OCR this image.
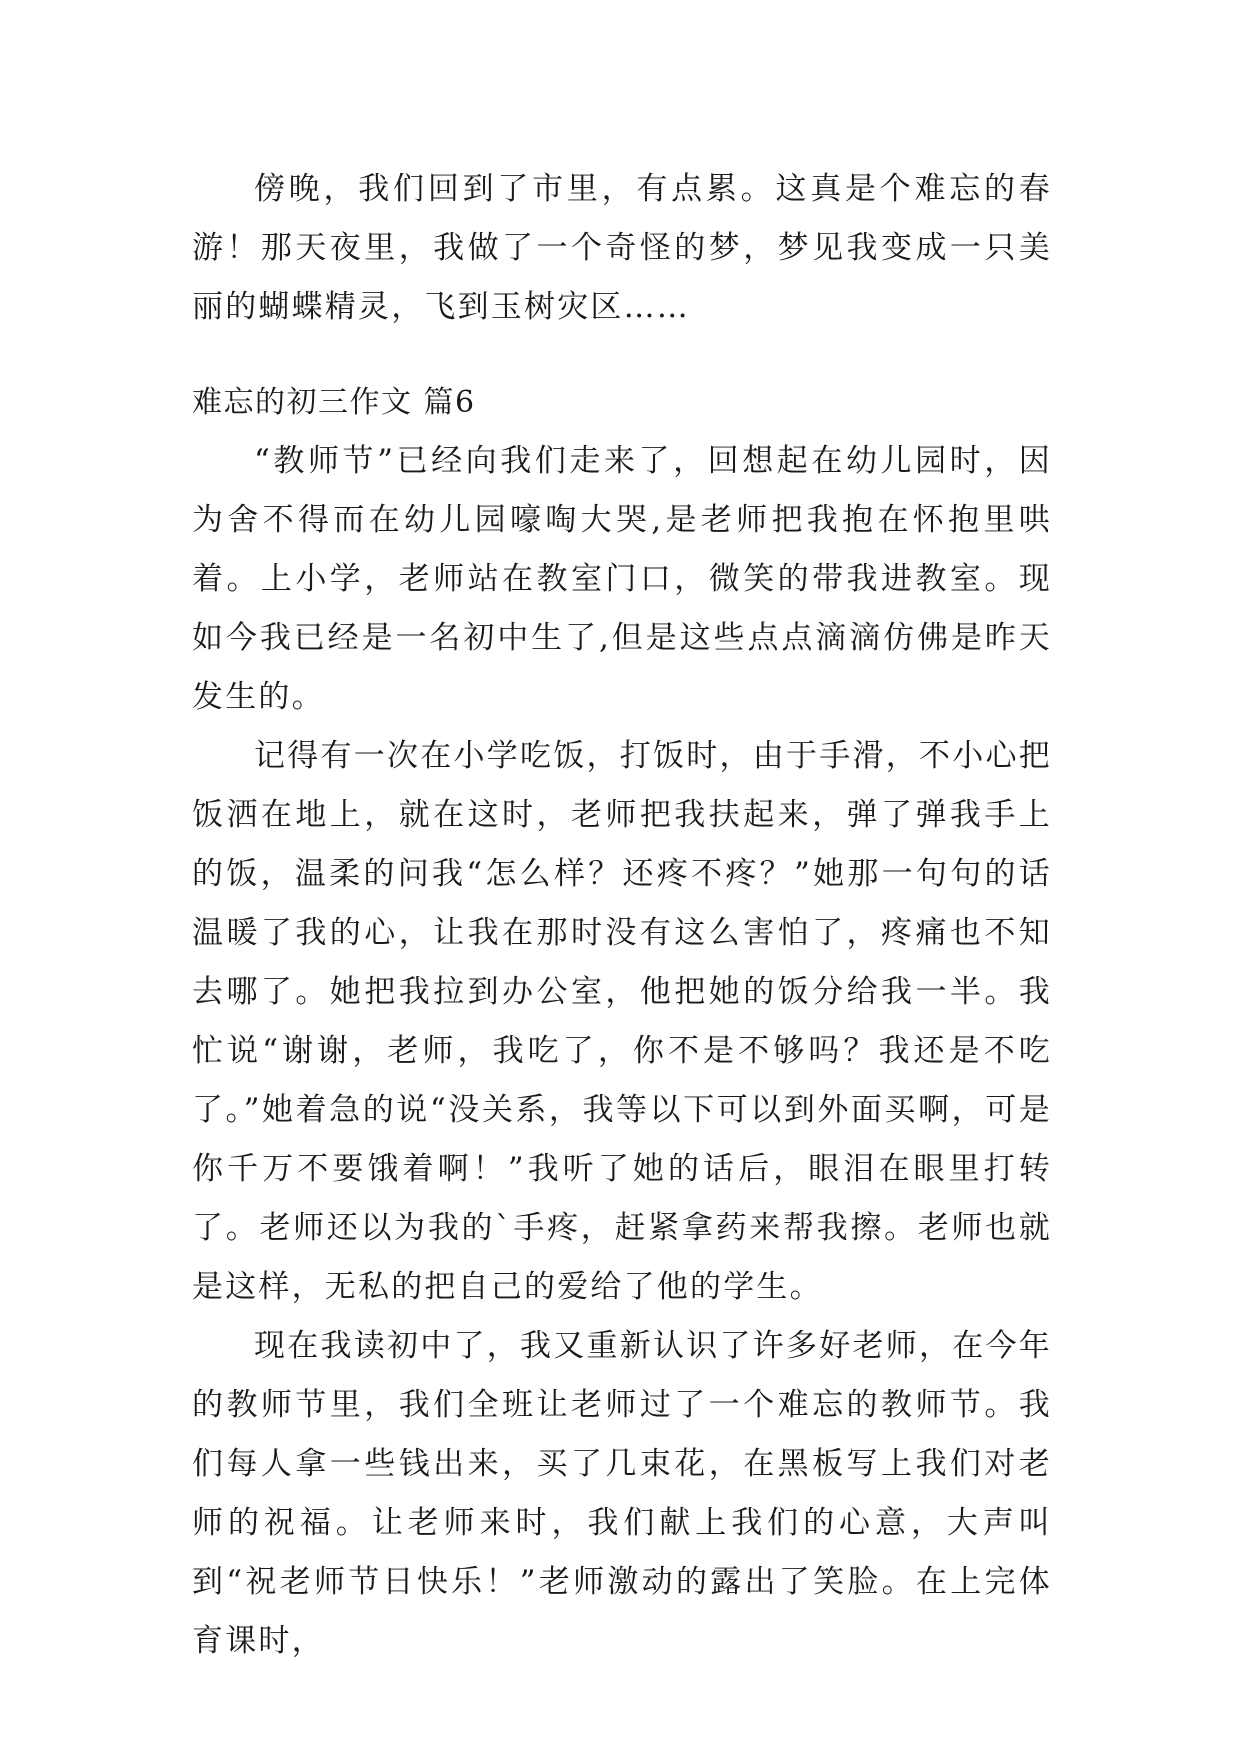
傍晚，我们回到了市里，有点累。这真是个难忘的春游！那天夜里，我做了一个奇怪的梦，梦见我变成一只美丽的蝴蝶精灵，飞到玉树灾区……

难忘的初三作文 篇6

“教师节”已经向我们走来了，回想起在幼儿园时，因为舍不得而在幼儿园嚎啕大哭,是老师把我抱在怀抱里哄着。上小学，老师站在教室门口，微笑的带我进教室。现如今我已经是一名初中生了,但是这些点点滴滴仿佛是昨天发生的。

记得有一次在小学吃饭，打饭时，由于手滑，不小心把饭洒在地上，就在这时，老师把我扶起来，弹了弹我手上的饭，温柔的问我“怎么样？还疼不疼？”她那一句句的话温暖了我的心，让我在那时没有这么害怕了，疼痛也不知去哪了。她把我拉到办公室，他把她的饭分给我一半。我忙说“谢谢，老师，我吃了，你不是不够吗？我还是不吃了。”她着急的说“没关系，我等以下可以到外面买啊，可是你千万不要饿着啊！”我听了她的话后，眼泪在眼里打转了。老师还以为我的`手疼，赶紧拿药来帮我擦。老师也就是这样，无私的把自己的爱给了他的学生。

现在我读初中了，我又重新认识了许多好老师，在今年的教师节里，我们全班让老师过了一个难忘的教师节。我们每人拿一些钱出来，买了几束花，在黑板写上我们对老师的祝福。让老师来时，我们献上我们的心意，大声叫到“祝老师节日快乐！”老师激动的露出了笑脸。在上完体育课时，
